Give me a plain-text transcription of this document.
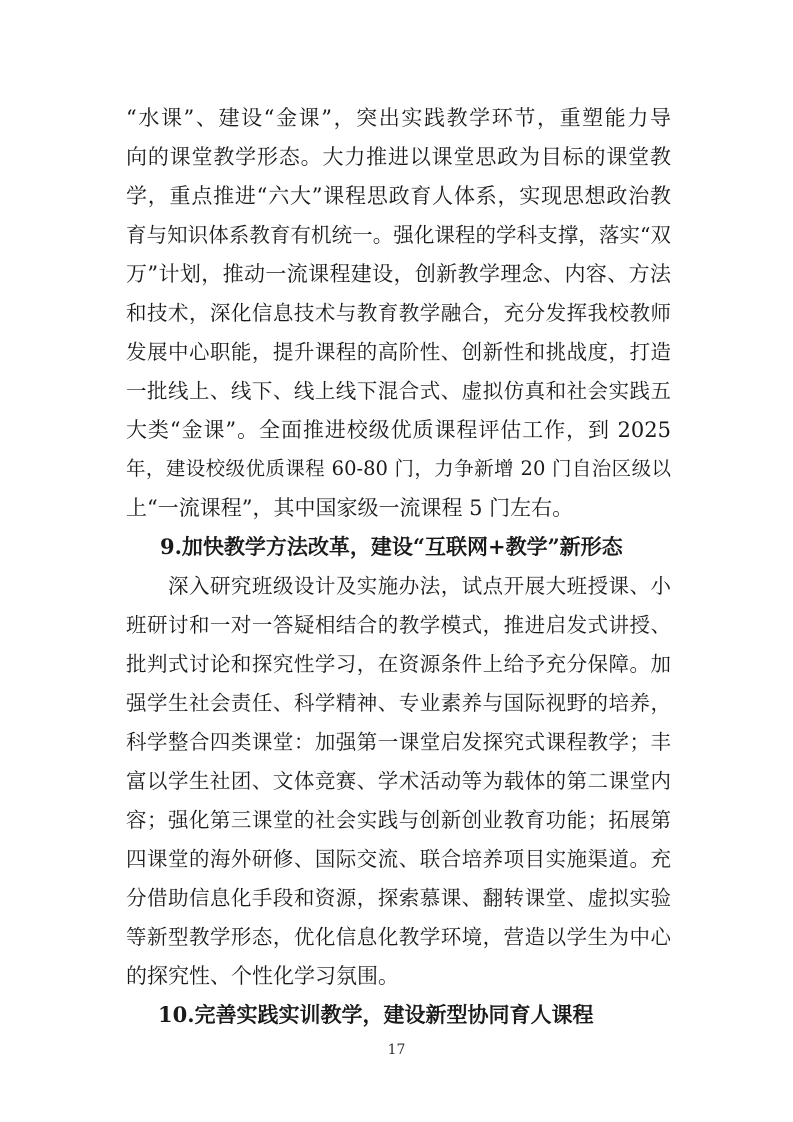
“水课”、建设“金课”，突出实践教学环节，重塑能力导
向的课堂教学形态。大力推进以课堂思政为目标的课堂教
学，重点推进“六大”课程思政育人体系，实现思想政治教
育与知识体系教育有机统一。强化课程的学科支撑，落实“双
万”计划，推动一流课程建设，创新教学理念、内容、方法
和技术，深化信息技术与教育教学融合，充分发挥我校教师
发展中心职能，提升课程的高阶性、创新性和挑战度，打造
一批线上、线下、线上线下混合式、虚拟仿真和社会实践五
大类“金课”。全面推进校级优质课程评估工作，到 2025
年，建设校级优质课程 60-80 门，力争新增 20 门自治区级以
上“一流课程”，其中国家级一流课程 5 门左右。
9.加快教学方法改革，建设“互联网+教学”新形态
深入研究班级设计及实施办法，试点开展大班授课、小
班研讨和一对一答疑相结合的教学模式，推进启发式讲授、
批判式讨论和探究性学习，在资源条件上给予充分保障。加
强学生社会责任、科学精神、专业素养与国际视野的培养，
科学整合四类课堂：加强第一课堂启发探究式课程教学；丰
富以学生社团、文体竞赛、学术活动等为载体的第二课堂内
容；强化第三课堂的社会实践与创新创业教育功能；拓展第
四课堂的海外研修、国际交流、联合培养项目实施渠道。充
分借助信息化手段和资源，探索慕课、翻转课堂、虚拟实验
等新型教学形态，优化信息化教学环境，营造以学生为中心
的探究性、个性化学习氛围。
10.完善实践实训教学，建设新型协同育人课程
17
